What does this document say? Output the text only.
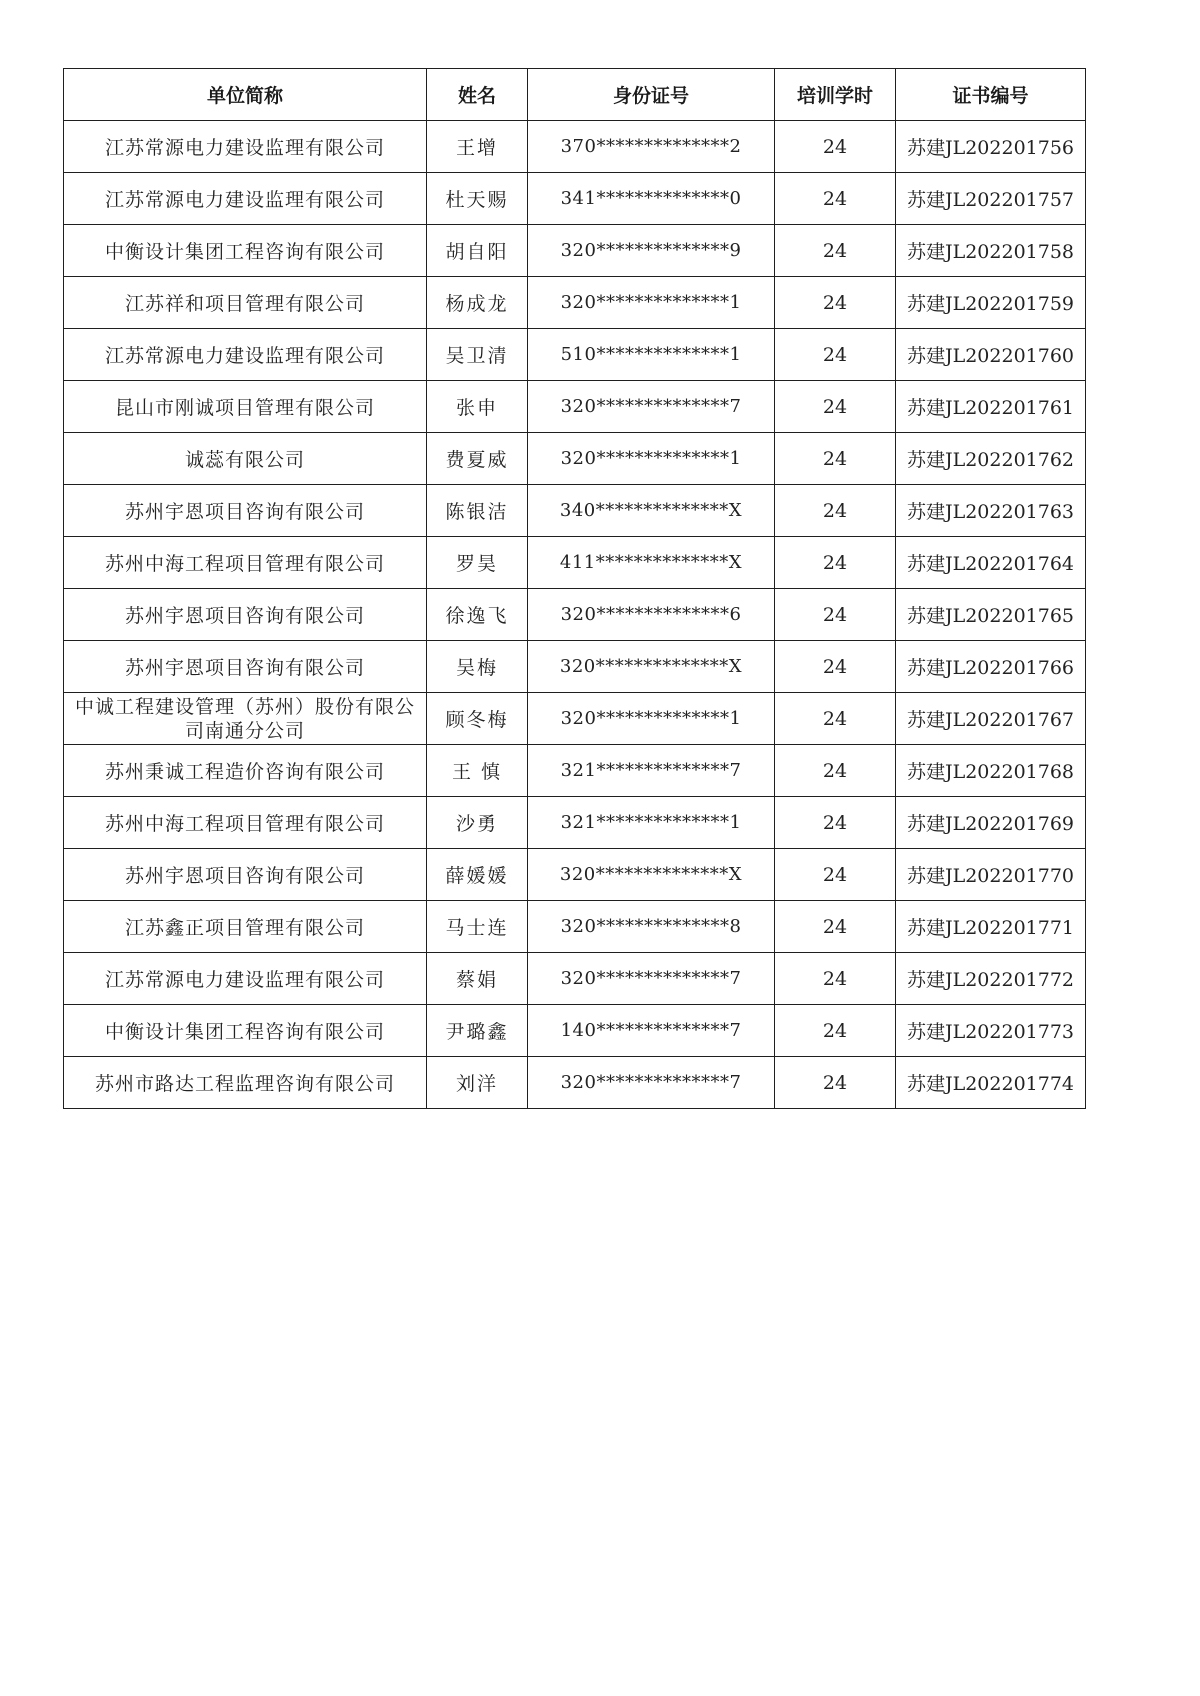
单位简称	姓名	身份证号	培训学时	证书编号
江苏常源电力建设监理有限公司	王增	370**************2	24	苏建JL202201756
江苏常源电力建设监理有限公司	杜天赐	341**************0	24	苏建JL202201757
中衡设计集团工程咨询有限公司	胡自阳	320**************9	24	苏建JL202201758
江苏祥和项目管理有限公司	杨成龙	320**************1	24	苏建JL202201759
江苏常源电力建设监理有限公司	吴卫清	510**************1	24	苏建JL202201760
昆山市刚诚项目管理有限公司	张申	320**************7	24	苏建JL202201761
诚蕊有限公司	费夏威	320**************1	24	苏建JL202201762
苏州宇恩项目咨询有限公司	陈银洁	340**************X	24	苏建JL202201763
苏州中海工程项目管理有限公司	罗昊	411**************X	24	苏建JL202201764
苏州宇恩项目咨询有限公司	徐逸飞	320**************6	24	苏建JL202201765
苏州宇恩项目咨询有限公司	吴梅	320**************X	24	苏建JL202201766
中诚工程建设管理（苏州）股份有限公司南通分公司	顾冬梅	320**************1	24	苏建JL202201767
苏州秉诚工程造价咨询有限公司	王 慎	321**************7	24	苏建JL202201768
苏州中海工程项目管理有限公司	沙勇	321**************1	24	苏建JL202201769
苏州宇恩项目咨询有限公司	薛媛媛	320**************X	24	苏建JL202201770
江苏鑫正项目管理有限公司	马士连	320**************8	24	苏建JL202201771
江苏常源电力建设监理有限公司	蔡娟	320**************7	24	苏建JL202201772
中衡设计集团工程咨询有限公司	尹璐鑫	140**************7	24	苏建JL202201773
苏州市路达工程监理咨询有限公司	刘洋	320**************7	24	苏建JL202201774
